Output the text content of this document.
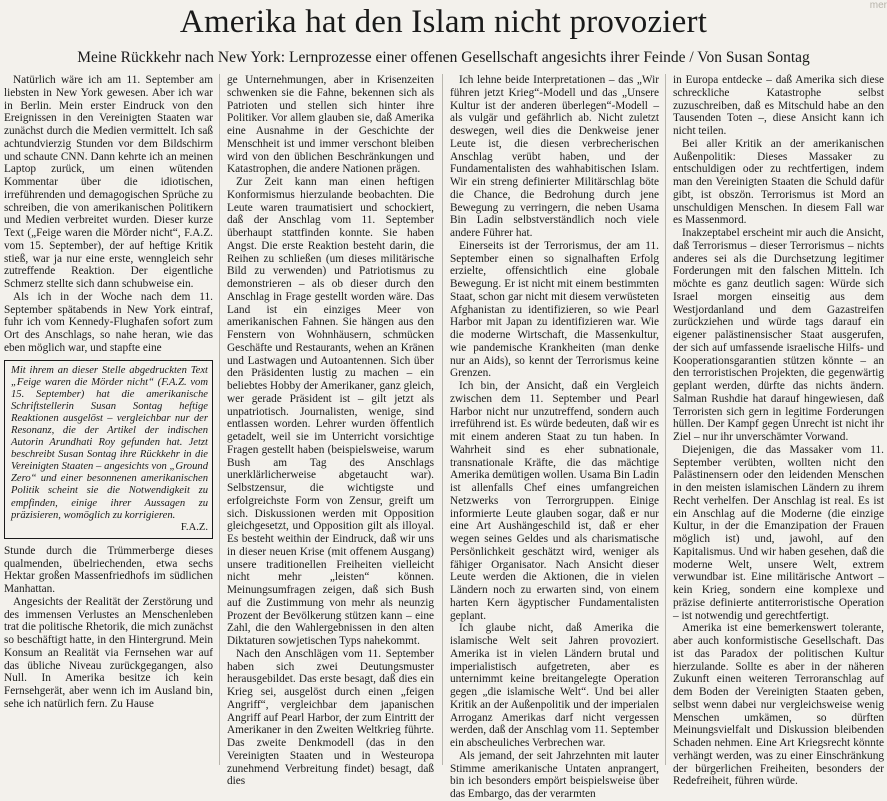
mer
Amerika hat den Islam nicht provoziert
Meine Rückkehr nach New York: Lernprozesse einer offenen Gesellschaft angesichts ihrer Feinde / Von Susan Sontag

Natürlich wäre ich am 11. September am liebsten in New York gewesen. Aber ich war in Berlin. Mein erster Eindruck von den Ereignissen in den Vereinigten Staaten war zunächst durch die Medien vermittelt. Ich saß achtundvierzig Stunden vor dem Bildschirm und schaute CNN. Dann kehrte ich an meinen Laptop zurück, um einen wütenden Kommentar über die idiotischen, irreführenden und demagogischen Sprüche zu schreiben, die von amerikanischen Politikern und Medien verbreitet wurden. Dieser kurze Text („Feige waren die Mörder nicht“, F.A.Z. vom 15. September), der auf heftige Kritik stieß, war ja nur eine erste, wenngleich sehr zutreffende Reaktion. Der eigentliche Schmerz stellte sich dann schubweise ein.

Als ich in der Woche nach dem 11. September spätabends in New York eintraf, fuhr ich vom Kennedy-Flughafen sofort zum Ort des Anschlags, so nahe heran, wie das eben möglich war, und stapfte eine

Mit ihrem an dieser Stelle abgedruckten Text „Feige waren die Mörder nicht“ (F.A.Z. vom 15. September) hat die amerikanische Schriftstellerin Susan Sontag heftige Reaktionen ausgelöst – vergleichbar nur der Resonanz, die der Artikel der indischen Autorin Arundhati Roy gefunden hat. Jetzt beschreibt Susan Sontag ihre Rückkehr in die Vereinigten Staaten – angesichts von „Ground Zero“ und einer besonnenen amerikanischen Politik scheint sie die Notwendigkeit zu empfinden, einige ihrer Aussagen zu präzisieren, womöglich zu korrigieren.
F.A.Z.

Stunde durch die Trümmerberge dieses qualmenden, übelriechenden, etwa sechs Hektar großen Massenfriedhofs im südlichen Manhattan.

Angesichts der Realität der Zerstörung und des immensen Verlustes an Menschenleben trat die politische Rhetorik, die mich zunächst so beschäftigt hatte, in den Hintergrund. Mein Konsum an Realität via Fernsehen war auf das übliche Niveau zurückgegangen, also Null. In Amerika besitze ich kein Fernsehgerät, aber wenn ich im Ausland bin, sehe ich natürlich fern. Zu Hause

ge Unternehmungen, aber in Krisenzeiten schwenken sie die Fahne, bekennen sich als Patrioten und stellen sich hinter ihre Politiker. Vor allem glauben sie, daß Amerika eine Ausnahme in der Geschichte der Menschheit ist und immer verschont bleiben wird von den üblichen Beschränkungen und Katastrophen, die andere Nationen prägen.

Zur Zeit kann man einen heftigen Konformismus hierzulande beobachten. Die Leute waren traumatisiert und schockiert, daß der Anschlag vom 11. September überhaupt stattfinden konnte. Sie haben Angst. Die erste Reaktion besteht darin, die Reihen zu schließen (um dieses militärische Bild zu verwenden) und Patriotismus zu demonstrieren – als ob dieser durch den Anschlag in Frage gestellt worden wäre. Das Land ist ein einziges Meer von amerikanischen Fahnen. Sie hängen aus den Fenstern von Wohnhäusern, schmücken Geschäfte und Restaurants, wehen an Kränen und Lastwagen und Autoantennen. Sich über den Präsidenten lustig zu machen – ein beliebtes Hobby der Amerikaner, ganz gleich, wer gerade Präsident ist – gilt jetzt als unpatriotisch. Journalisten, wenige, sind entlassen worden. Lehrer wurden öffentlich getadelt, weil sie im Unterricht vorsichtige Fragen gestellt haben (beispielsweise, warum Bush am Tag des Anschlags unerklärlicherweise abgetaucht war). Selbstzensur, die wichtigste und erfolgreichste Form von Zensur, greift um sich. Diskussionen werden mit Opposition gleichgesetzt, und Opposition gilt als illoyal. Es besteht weithin der Eindruck, daß wir uns in dieser neuen Krise (mit offenem Ausgang) unsere traditionellen Freiheiten vielleicht nicht mehr „leisten“ können. Meinungsumfragen zeigen, daß sich Bush auf die Zustimmung von mehr als neunzig Prozent der Bevölkerung stützen kann – eine Zahl, die den Wahlergebnissen in den alten Diktaturen sowjetischen Typs nahekommt.

Nach den Anschlägen vom 11. September haben sich zwei Deutungsmuster herausgebildet. Das erste besagt, daß dies ein Krieg sei, ausgelöst durch einen „feigen Angriff“, vergleichbar dem japanischen Angriff auf Pearl Harbor, der zum Eintritt der Amerikaner in den Zweiten Weltkrieg führte. Das zweite Denkmodell (das in den Vereinigten Staaten und in Westeuropa zunehmend Verbreitung findet) besagt, daß dies

Ich lehne beide Interpretationen – das „Wir führen jetzt Krieg“-Modell und das „Unsere Kultur ist der anderen überlegen“-Modell – als vulgär und gefährlich ab. Nicht zuletzt deswegen, weil dies die Denkweise jener Leute ist, die diesen verbrecherischen Anschlag verübt haben, und der Fundamentalisten des wahhabitischen Islam. Wir ein streng definierter Militärschlag böte die Chance, die Bedrohung durch jene Bewegung zu verringern, die neben Usama Bin Ladin selbstverständlich noch viele andere Führer hat.

Einerseits ist der Terrorismus, der am 11. September einen so signalhaften Erfolg erzielte, offensichtlich eine globale Bewegung. Er ist nicht mit einem bestimmten Staat, schon gar nicht mit diesem verwüsteten Afghanistan zu identifizieren, so wie Pearl Harbor mit Japan zu identifizieren war. Wie die moderne Wirtschaft, die Massenkultur, wie pandemische Krankheiten (man denke nur an Aids), so kennt der Terrorismus keine Grenzen.

Ich bin, der Ansicht, daß ein Vergleich zwischen dem 11. September und Pearl Harbor nicht nur unzutreffend, sondern auch irreführend ist. Es würde bedeuten, daß wir es mit einem anderen Staat zu tun haben. In Wahrheit sind es eher subnationale, transnationale Kräfte, die das mächtige Amerika demütigen wollen. Usama Bin Ladin ist allenfalls Chef eines umfangreichen Netzwerks von Terrorgruppen. Einige informierte Leute glauben sogar, daß er nur eine Art Aushängeschild ist, daß er eher wegen seines Geldes und als charismatische Persönlichkeit geschätzt wird, weniger als fähiger Organisator. Nach Ansicht dieser Leute werden die Aktionen, die in vielen Ländern noch zu erwarten sind, von einem harten Kern ägyptischer Fundamentalisten geplant.

Ich glaube nicht, daß Amerika die islamische Welt seit Jahren provoziert. Amerika ist in vielen Ländern brutal und imperialistisch aufgetreten, aber es unternimmt keine breitangelegte Operation gegen „die islamische Welt“. Und bei aller Kritik an der Außenpolitik und der imperialen Arroganz Amerikas darf nicht vergessen werden, daß der Anschlag vom 11. September ein abscheuliches Verbrechen war.

Als jemand, der seit Jahrzehnten mit lauter Stimme amerikanische Untaten anprangert, bin ich besonders empört beispielsweise über das Embargo, das der verarmten

in Europa entdecke – daß Amerika sich diese schreckliche Katastrophe selbst zuzuschreiben, daß es Mitschuld habe an den Tausenden Toten –, diese Ansicht kann ich nicht teilen.

Bei aller Kritik an der amerikanischen Außenpolitik: Dieses Massaker zu entschuldigen oder zu rechtfertigen, indem man den Vereinigten Staaten die Schuld dafür gibt, ist obszön. Terrorismus ist Mord an unschuldigen Menschen. In diesem Fall war es Massenmord.

Inakzeptabel erscheint mir auch die Ansicht, daß Terrorismus – dieser Terrorismus – nichts anderes sei als die Durchsetzung legitimer Forderungen mit den falschen Mitteln. Ich möchte es ganz deutlich sagen: Würde sich Israel morgen einseitig aus dem Westjordanland und dem Gazastreifen zurückziehen und würde tags darauf ein eigener palästinensischer Staat ausgerufen, der sich auf umfassende israelische Hilfs- und Kooperationsgarantien stützen könnte – an den terroristischen Projekten, die gegenwärtig geplant werden, dürfte das nichts ändern. Salman Rushdie hat darauf hingewiesen, daß Terroristen sich gern in legitime Forderungen hüllen. Der Kampf gegen Unrecht ist nicht ihr Ziel – nur ihr unverschämter Vorwand.

Diejenigen, die das Massaker vom 11. September verübten, wollten nicht den Palästinensern oder den leidenden Menschen in den meisten islamischen Ländern zu ihrem Recht verhelfen. Der Anschlag ist real. Es ist ein Anschlag auf die Moderne (die einzige Kultur, in der die Emanzipation der Frauen möglich ist) und, jawohl, auf den Kapitalismus. Und wir haben gesehen, daß die moderne Welt, unsere Welt, extrem verwundbar ist. Eine militärische Antwort – kein Krieg, sondern eine komplexe und präzise definierte antiterroristische Operation – ist notwendig und gerechtfertigt.

Amerika ist eine bemerkenswert tolerante, aber auch konformistische Gesellschaft. Das ist das Paradox der politischen Kultur hierzulande. Sollte es aber in der näheren Zukunft einen weiteren Terroranschlag auf dem Boden der Vereinigten Staaten geben, selbst wenn dabei nur vergleichsweise wenig Menschen umkämen, so dürften Meinungsvielfalt und Diskussion bleibenden Schaden nehmen. Eine Art Kriegsrecht könnte verhängt werden, was zu einer Einschränkung der bürgerlichen Freiheiten, besonders der Redefreiheit, führen würde.
